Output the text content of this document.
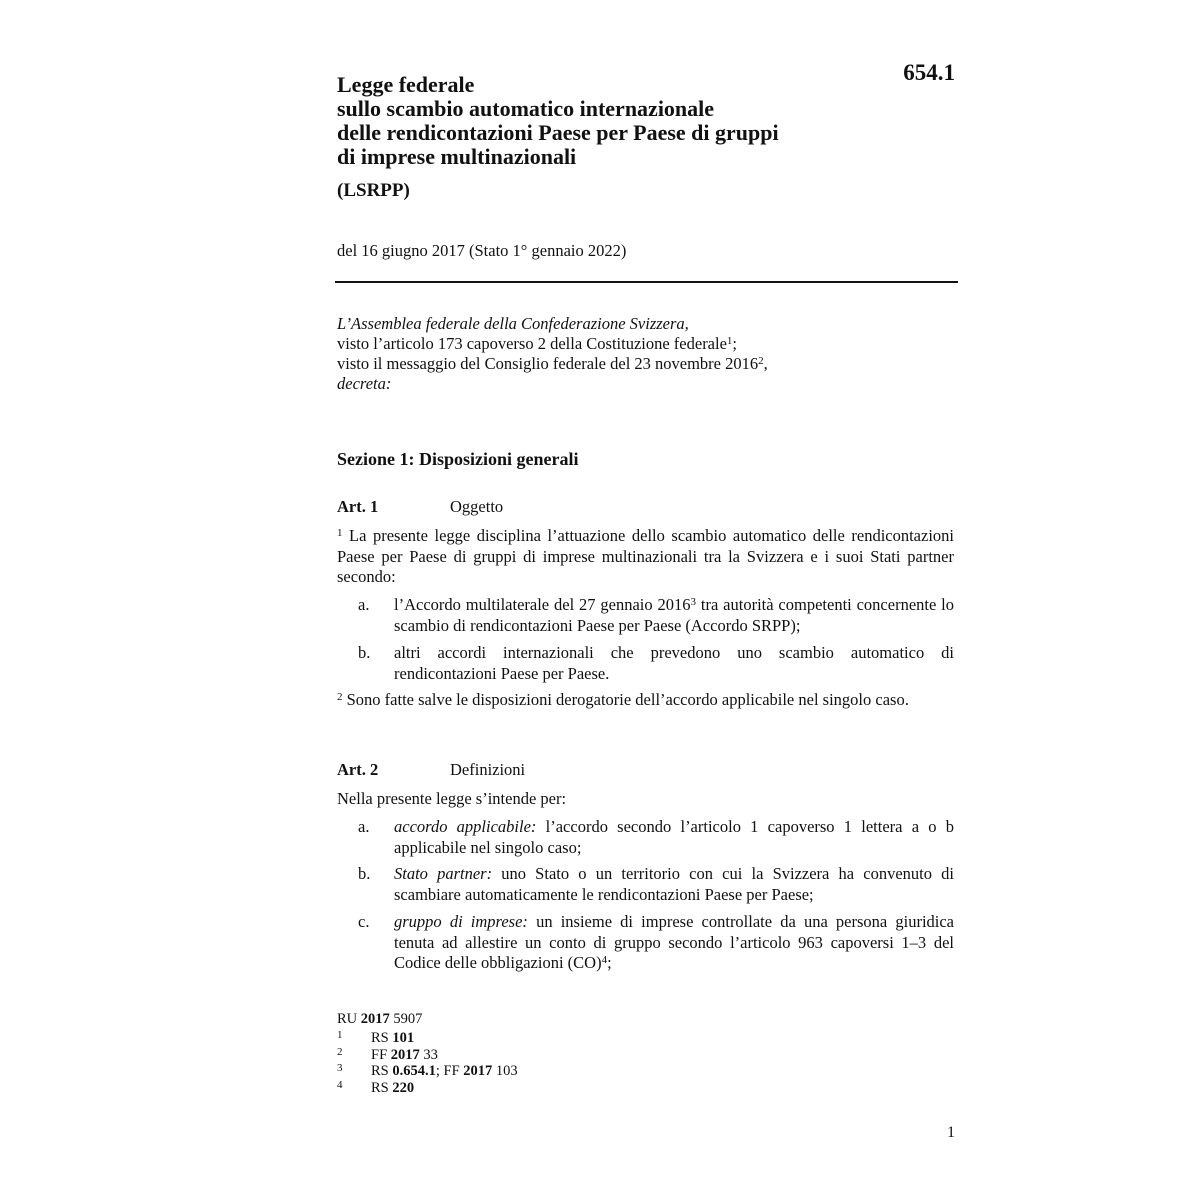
654.1
Legge federale
sullo scambio automatico internazionale
delle rendicontazioni Paese per Paese di gruppi
di imprese multinazionali
(LSRPP)
del 16 giugno 2017 (Stato 1° gennaio 2022)
L’Assemblea federale della Confederazione Svizzera,
visto l’articolo 173 capoverso 2 della Costituzione federale$^1$;
visto il messaggio del Consiglio federale del 23 novembre 2016$^2$,
decreta:
Sezione 1: Disposizioni generali
Art. 1	Oggetto
$^1$ La presente legge disciplina l’attuazione dello scambio automatico delle rendicontazioni Paese per Paese di gruppi di imprese multinazionali tra la Svizzera e i suoi Stati partner secondo:
a. l’Accordo multilaterale del 27 gennaio 2016$^3$ tra autorità competenti concernente lo scambio di rendicontazioni Paese per Paese (Accordo SRPP);
b. altri accordi internazionali che prevedono uno scambio automatico di rendicontazioni Paese per Paese.
$^2$ Sono fatte salve le disposizioni derogatorie dell’accordo applicabile nel singolo caso.
Art. 2	Definizioni
Nella presente legge s’intende per:
a. accordo applicabile: l’accordo secondo l’articolo 1 capoverso 1 lettera a o b applicabile nel singolo caso;
b. Stato partner: uno Stato o un territorio con cui la Svizzera ha convenuto di scambiare automaticamente le rendicontazioni Paese per Paese;
c. gruppo di imprese: un insieme di imprese controllate da una persona giuridica tenuta ad allestire un conto di gruppo secondo l’articolo 963 capoversi 1–3 del Codice delle obbligazioni (CO)$^4$;
RU 2017 5907
1 RS 101
2 FF 2017 33
3 RS 0.654.1; FF 2017 103
4 RS 220
1
